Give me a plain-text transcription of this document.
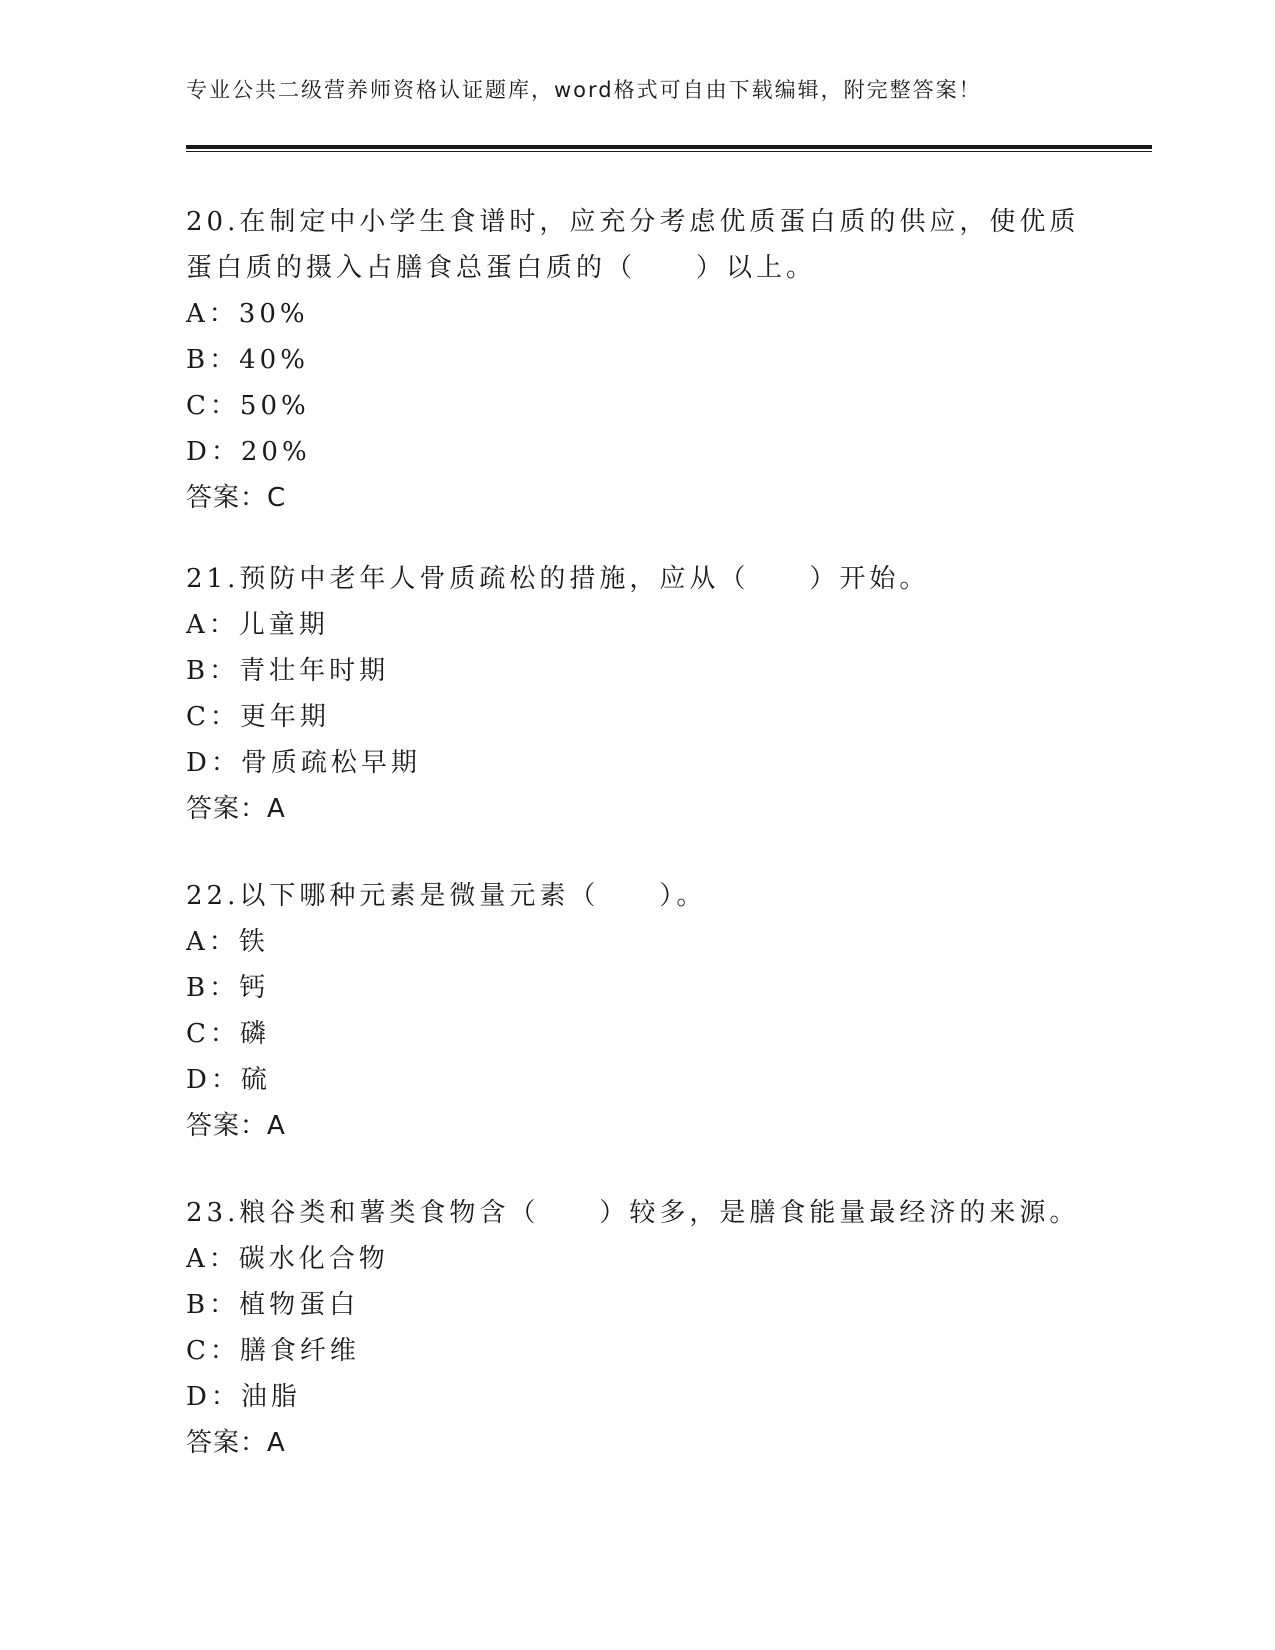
专业公共二级营养师资格认证题库，word格式可自由下载编辑，附完整答案！

20.在制定中小学生食谱时，应充分考虑优质蛋白质的供应，使优质蛋白质的摄入占膳食总蛋白质的（　　）以上。

A：30%
B：40%
C：50%
D：20%
答案：C

21.预防中老年人骨质疏松的措施，应从（　　）开始。

A：儿童期
B：青壮年时期
C：更年期
D：骨质疏松早期
答案：A

22.以下哪种元素是微量元素（　　）。

A：铁
B：钙
C：磷
D：硫
答案：A

23.粮谷类和薯类食物含（　　）较多，是膳食能量最经济的来源。

A：碳水化合物
B：植物蛋白
C：膳食纤维
D：油脂
答案：A
